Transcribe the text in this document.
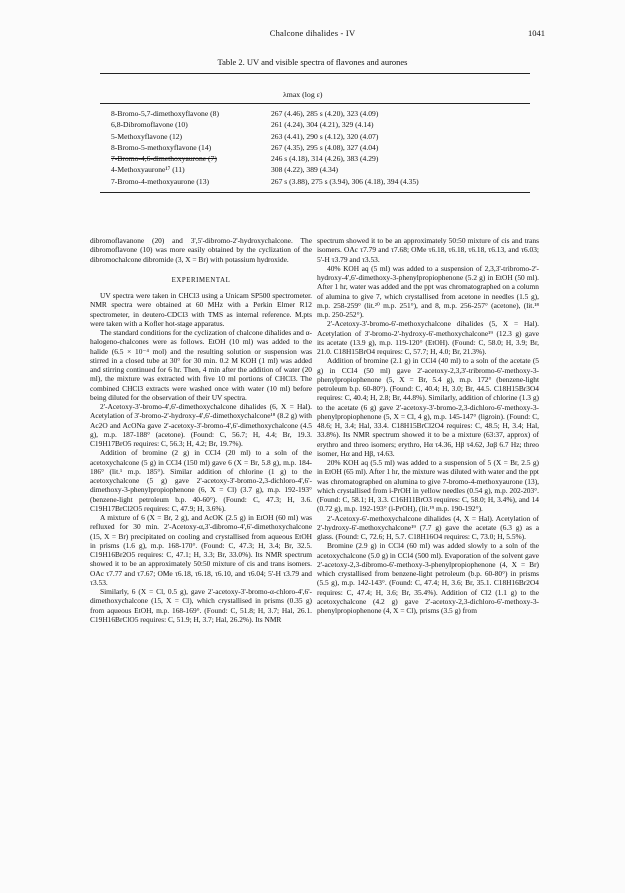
Chalcone dihalides - IV	1041
Table 2. UV and visible spectra of flavones and aurones
λmax (log ε)
8-Bromo-5,7-dimethoxyflavone (8)	267 (4.46), 285 s (4.20), 323 (4.09)
6,8-Dibromoflavone (10)	261 (4.24), 304 (4.21), 329 (4.14)
5-Methoxyflavone (12)	263 (4.41), 290 s (4.12), 320 (4.07)
8-Bromo-5-methoxyflavone (14)	267 (4.35), 295 s (4.08), 327 (4.04)
7-Bromo-4,6-dimethoxyaurone (7)	246 s (4.18), 314 (4.26), 383 (4.29)
4-Methoxyaurone¹⁷ (11)	308 (4.22), 389 (4.34)
7-Bromo-4-methoxyaurone (13)	267 s (3.88), 275 s (3.94), 306 (4.18), 394 (4.35)

dibromoflavanone (20) and 3',5'-dibromo-2'-hydroxychalcone. The dibromoflavone (10) was more easily obtained by the cyclization of the dibromochalcone dibromide (3, X = Br) with potassium hydroxide.

EXPERIMENTAL

UV spectra were taken in CHCl3 using a Unicam SP500 spectrometer. NMR spectra were obtained at 60 MHz with a Perkin Elmer R12 spectrometer, in deutero-CDCl3 with TMS as internal reference. M.pts were taken with a Kofler hot-stage apparatus.

The standard conditions for the cyclization of chalcone dihalides and α-halogeno-chalcones were as follows. EtOH (10 ml) was added to the halide (6.5 × 10⁻⁴ mol) and the resulting solution or suspension was stirred in a closed tube at 30° for 30 min. 0.2 M KOH (1 ml) was added and stirring continued for 6 hr. Then, 4 min after the addition of water (20 ml), the mixture was extracted with five 10 ml portions of CHCl3. The combined CHCl3 extracts were washed once with water (10 ml) before being diluted for the observation of their UV spectra.

2'-Acetoxy-3'-bromo-4',6'-dimethoxychalcone dihalides (6, X = Hal). Acetylation of 3'-bromo-2'-hydroxy-4',6'-dimethoxychalcone¹⁸ (8.2 g) with Ac2O and AcONa gave 2'-acetoxy-3'-bromo-4',6'-dimethoxychalcone (4.5 g), m.p. 187-188° (acetone). (Found: C, 56.7; H, 4.4; Br, 19.3. C19H17BrO5 requires: C, 56.3; H, 4.2; Br, 19.7%).

Addition of bromine (2 g) in CCl4 (20 ml) to a soln of the acetoxychalcone (5 g) in CCl4 (150 ml) gave 6 (X = Br, 5.8 g), m.p. 184-186° (lit.¹ m.p. 185°). Similar addition of chlorine (1 g) to the acetoxychalcone (5 g) gave 2'-acetoxy-3'-bromo-2,3-dichloro-4',6'-dimethoxy-3-phenylpropiophenone (6, X = Cl) (3.7 g), m.p. 192-193° (benzene-light petroleum b.p. 40-60°). (Found: C, 47.3; H, 3.6. C19H17BrCl2O5 requires: C, 47.9; H, 3.6%).

A mixture of 6 (X = Br, 2 g), and AcOK (2.5 g) in EtOH (60 ml) was refluxed for 30 min. 2'-Acetoxy-α,3'-dibromo-4',6'-dimethoxychalcone (15, X = Br) precipitated on cooling and crystallised from aqueous EtOH in prisms (1.6 g), m.p. 168-170°. (Found: C, 47.3; H, 3.4; Br, 32.5. C19H16Br2O5 requires: C, 47.1; H, 3.3; Br, 33.0%). Its NMR spectrum showed it to be an approximately 50:50 mixture of cis and trans isomers. OAc τ7.77 and τ7.67; OMe τ6.18, τ6.18, τ6.10, and τ6.04; 5'-H τ3.79 and τ3.53.

Similarly, 6 (X = Cl, 0.5 g), gave 2'-acetoxy-3'-bromo-α-chloro-4',6'-dimethoxychalcone (15, X = Cl), which crystallised in prisms (0.35 g) from aqueous EtOH, m.p. 168-169°. (Found: C, 51.8; H, 3.7; Hal, 26.1. C19H16BrClO5 requires: C, 51.9; H, 3.7; Hal, 26.2%). Its NMR

spectrum showed it to be an approximately 50:50 mixture of cis and trans isomers. OAc τ7.79 and τ7.68; OMe τ6.18, τ6.18, τ6.18, τ6.13, and τ6.03; 5'-H τ3.79 and τ3.53.

40% KOH aq (5 ml) was added to a suspension of 2,3,3'-tribromo-2'-hydroxy-4',6'-dimethoxy-3-phenylpropiophenone (5.2 g) in EtOH (50 ml). After 1 hr, water was added and the ppt was chromatographed on a column of alumina to give 7, which crystallised from acetone in needles (1.5 g), m.p. 258-259° (lit.²⁰ m.p. 251°), and 8, m.p. 256-257° (acetone), (lit.¹⁸ m.p. 250-252°).

2'-Acetoxy-3'-bromo-6'-methoxychalcone dihalides (5, X = Hal). Acetylation of 3'-bromo-2'-hydroxy-6'-methoxychalcone¹⁹ (12.3 g) gave its acetate (13.9 g), m.p. 119-120° (EtOH). (Found: C, 58.0; H, 3.9; Br, 21.0. C18H15BrO4 requires: C, 57.7; H, 4.0; Br, 21.3%).

Addition of bromine (2.1 g) in CCl4 (40 ml) to a soln of the acetate (5 g) in CCl4 (50 ml) gave 2'-acetoxy-2,3,3'-tribromo-6'-methoxy-3-phenylpropiophenone (5, X = Br, 5.4 g), m.p. 172° (benzene-light petroleum b.p. 60-80°). (Found: C, 40.4; H, 3.0; Br, 44.5. C18H15Br3O4 requires: C, 40.4; H, 2.8; Br, 44.8%). Similarly, addition of chlorine (1.3 g) to the acetate (6 g) gave 2'-acetoxy-3'-bromo-2,3-dichloro-6'-methoxy-3-phenylpropiophenone (5, X = Cl, 4 g), m.p. 145-147° (ligroin). (Found: C, 48.6; H, 3.4; Hal, 33.4. C18H15BrCl2O4 requires: C, 48.5; H, 3.4; Hal, 33.8%). Its NMR spectrum showed it to be a mixture (63:37, approx) of erythro and threo isomers; erythro, Hα τ4.36, Hβ τ4.62, Jαβ 6.7 Hz; threo isomer, Hα and Hβ, τ4.63.

20% KOH aq (5.5 ml) was added to a suspension of 5 (X = Br, 2.5 g) in EtOH (65 ml). After 1 hr, the mixture was diluted with water and the ppt was chromatographed on alumina to give 7-bromo-4-methoxyaurone (13), which crystallised from i-PrOH in yellow needles (0.54 g), m.p. 202-203°. (Found: C, 58.1; H, 3.3. C16H11BrO3 requires: C, 58.0; H, 3.4%), and 14 (0.72 g), m.p. 192-193° (i-PrOH), (lit.¹⁹ m.p. 190-192°).

2'-Acetoxy-6'-methoxychalcone dihalides (4, X = Hal). Acetylation of 2'-hydroxy-6'-methoxychalcone¹⁹ (7.7 g) gave the acetate (6.3 g) as a glass. (Found: C, 72.6; H, 5.7. C18H16O4 requires: C, 73.0; H, 5.5%).

Bromine (2.9 g) in CCl4 (60 ml) was added slowly to a soln of the acetoxychalcone (5.0 g) in CCl4 (500 ml). Evaporation of the solvent gave 2'-acetoxy-2,3-dibromo-6'-methoxy-3-phenylpropiophenone (4, X = Br) which crystallised from benzene-light petroleum (b.p. 60-80°) in prisms (5.5 g), m.p. 142-143°. (Found: C, 47.4; H, 3.6; Br, 35.1. C18H16Br2O4 requires: C, 47.4; H, 3.6; Br, 35.4%). Addition of Cl2 (1.1 g) to the acetoxychalcone (4.2 g) gave 2'-acetoxy-2,3-dichloro-6'-methoxy-3-phenylpropiophenone (4, X = Cl), prisms (3.5 g) from
